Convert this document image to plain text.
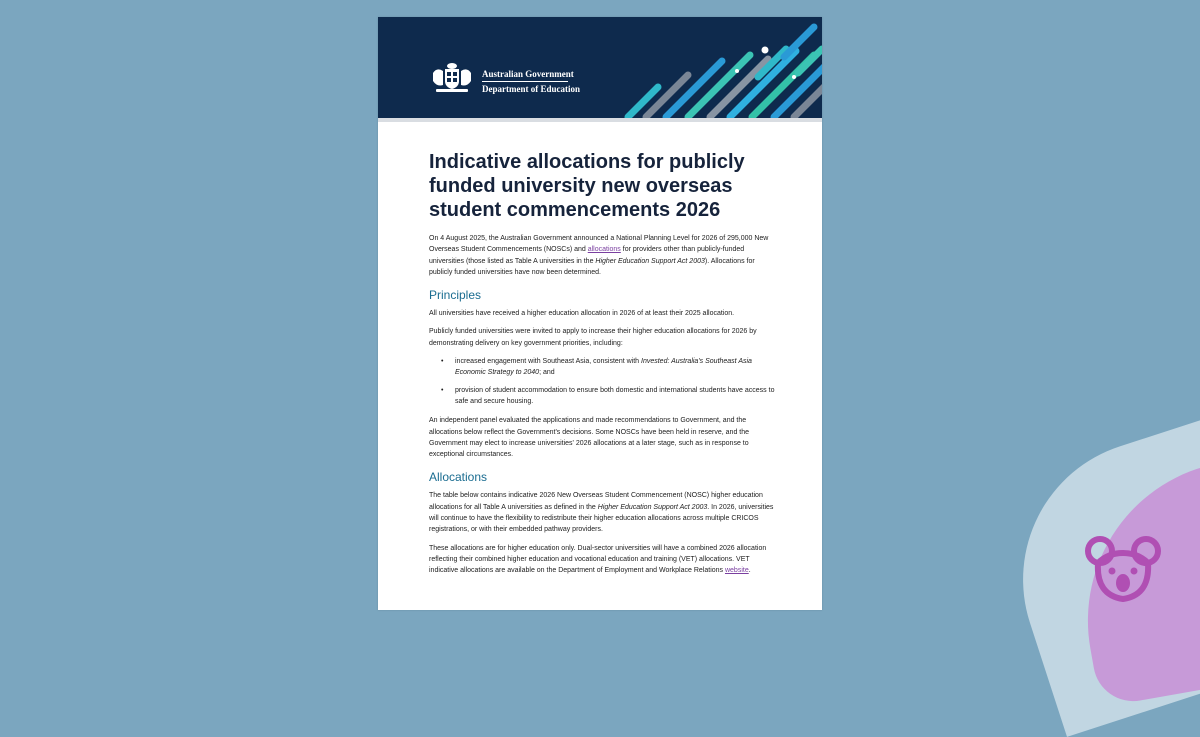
Australian Government
Department of Education
Indicative allocations for publicly funded university new overseas student commencements 2026

On 4 August 2025, the Australian Government announced a National Planning Level for 2026 of 295,000 New Overseas Student Commencements (NOSCs) and allocations for providers other than publicly-funded universities (those listed as Table A universities in the Higher Education Support Act 2003). Allocations for publicly funded universities have now been determined.

Principles

All universities have received a higher education allocation in 2026 of at least their 2025 allocation.

Publicly funded universities were invited to apply to increase their higher education allocations for 2026 by demonstrating delivery on key government priorities, including:

• increased engagement with Southeast Asia, consistent with Invested: Australia's Southeast Asia Economic Strategy to 2040; and
• provision of student accommodation to ensure both domestic and international students have access to safe and secure housing.

An independent panel evaluated the applications and made recommendations to Government, and the allocations below reflect the Government's decisions. Some NOSCs have been held in reserve, and the Government may elect to increase universities' 2026 allocations at a later stage, such as in response to exceptional circumstances.

Allocations

The table below contains indicative 2026 New Overseas Student Commencement (NOSC) higher education allocations for all Table A universities as defined in the Higher Education Support Act 2003. In 2026, universities will continue to have the flexibility to redistribute their higher education allocations across multiple CRICOS registrations, or with their embedded pathway providers.

These allocations are for higher education only. Dual-sector universities will have a combined 2026 allocation reflecting their combined higher education and vocational education and training (VET) allocations. VET indicative allocations are available on the Department of Employment and Workplace Relations website.
